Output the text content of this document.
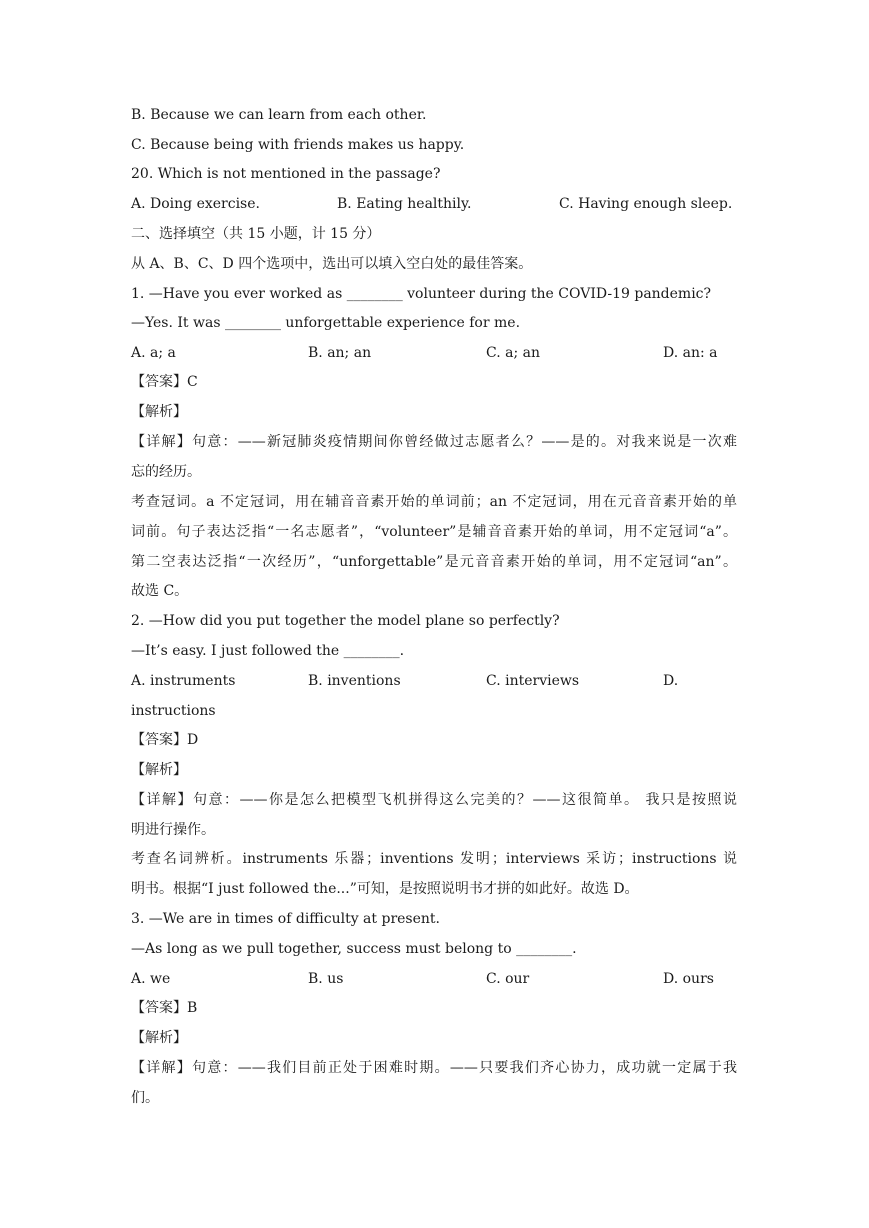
B. Because we can learn from each other.

C. Because being with friends makes us happy.

20. Which is not mentioned in the passage?

A. Doing exercise.	B. Eating healthily.	C. Having enough sleep.

二、选择填空（共 15 小题，计 15 分）

从 A、B、C、D 四个选项中，选出可以填入空白处的最佳答案。

1. —Have you ever worked as ________ volunteer during the COVID-19 pandemic?

—Yes. It was ________ unforgettable experience for me.

A. a; a	B. an; an	C. a; an	D. an: a

【答案】C

【解析】

【详解】句意：——新冠肺炎疫情期间你曾经做过志愿者么？——是的。对我来说是一次难

忘的经历。

考查冠词。a 不定冠词，用在辅音音素开始的单词前；an 不定冠词，用在元音音素开始的单

词前。句子表达泛指“一名志愿者”，“volunteer”是辅音音素开始的单词，用不定冠词“a”。

第二空表达泛指“一次经历”，“unforgettable”是元音音素开始的单词，用不定冠词“an”。

故选 C。

2. —How did you put together the model plane so perfectly?

—It’s easy. I just followed the ________.

A. instruments	B. inventions	C. interviews	D.

instructions

【答案】D

【解析】

【详解】句意：——你是怎么把模型飞机拼得这么完美的？——这很简单。 我只是按照说

明进行操作。

考查名词辨析。instruments 乐器；inventions 发明；interviews 采访；instructions 说

明书。根据“I just followed the...”可知，是按照说明书才拼的如此好。故选 D。

3. —We are in times of difficulty at present.

—As long as we pull together, success must belong to ________.

A. we	B. us	C. our	D. ours

【答案】B

【解析】

【详解】句意：——我们目前正处于困难时期。——只要我们齐心协力，成功就一定属于我

们。
